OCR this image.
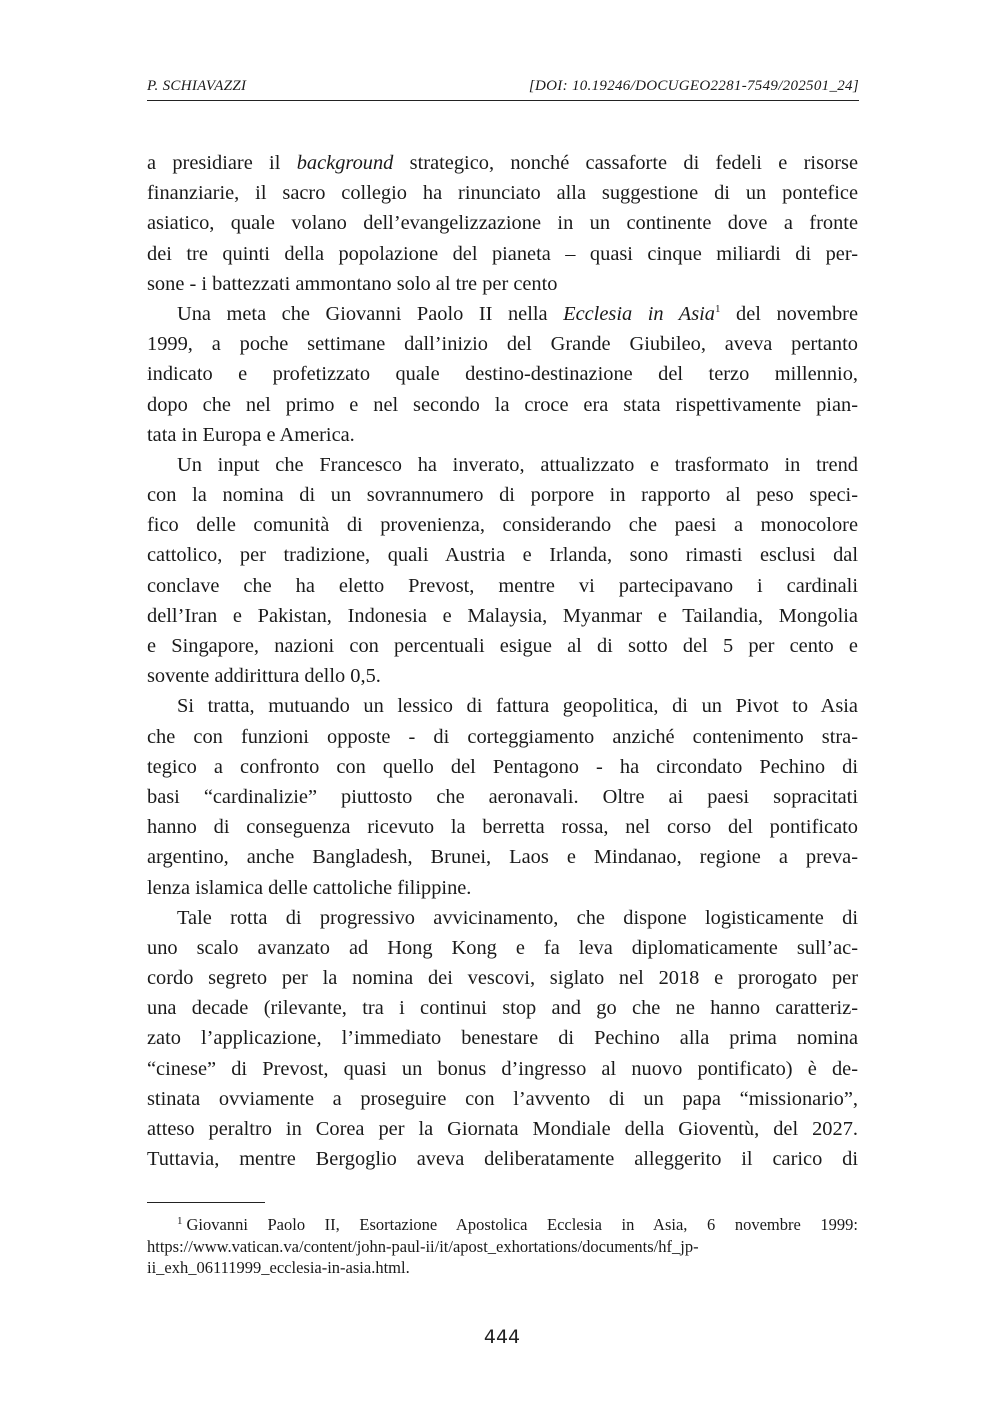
P. SCHIAVAZZI	[DOI: 10.19246/DOCUGEO2281-7549/202501_24]
a presidiare il background strategico, nonché cassaforte di fedeli e risorse
finanziarie, il sacro collegio ha rinunciato alla suggestione di un pontefice
asiatico, quale volano dell’evangelizzazione in un continente dove a fronte
dei tre quinti della popolazione del pianeta – quasi cinque miliardi di per-
sone - i battezzati ammontano solo al tre per cento
Una meta che Giovanni Paolo II nella Ecclesia in Asia$^1$ del novembre
1999, a poche settimane dall’inizio del Grande Giubileo, aveva pertanto
indicato e profetizzato quale destino-destinazione del terzo millennio,
dopo che nel primo e nel secondo la croce era stata rispettivamente pian-
tata in Europa e America.
Un input che Francesco ha inverato, attualizzato e trasformato in trend
con la nomina di un sovrannumero di porpore in rapporto al peso speci-
fico delle comunità di provenienza, considerando che paesi a monocolore
cattolico, per tradizione, quali Austria e Irlanda, sono rimasti esclusi dal
conclave che ha eletto Prevost, mentre vi partecipavano i cardinali
dell’Iran e Pakistan, Indonesia e Malaysia, Myanmar e Tailandia, Mongolia
e Singapore, nazioni con percentuali esigue al di sotto del 5 per cento e
sovente addirittura dello 0,5.
Si tratta, mutuando un lessico di fattura geopolitica, di un Pivot to Asia
che con funzioni opposte - di corteggiamento anziché contenimento stra-
tegico a confronto con quello del Pentagono - ha circondato Pechino di
basi “cardinalizie” piuttosto che aeronavali. Oltre ai paesi sopracitati
hanno di conseguenza ricevuto la berretta rossa, nel corso del pontificato
argentino, anche Bangladesh, Brunei, Laos e Mindanao, regione a preva-
lenza islamica delle cattoliche filippine.
Tale rotta di progressivo avvicinamento, che dispone logisticamente di
uno scalo avanzato ad Hong Kong e fa leva diplomaticamente sull’ac-
cordo segreto per la nomina dei vescovi, siglato nel 2018 e prorogato per
una decade (rilevante, tra i continui stop and go che ne hanno caratteriz-
zato l’applicazione, l’immediato benestare di Pechino alla prima nomina
“cinese” di Prevost, quasi un bonus d’ingresso al nuovo pontificato) è de-
stinata ovviamente a proseguire con l’avvento di un papa “missionario”,
atteso peraltro in Corea per la Giornata Mondiale della Gioventù, del 2027.
Tuttavia, mentre Bergoglio aveva deliberatamente alleggerito il carico di
$^1$ Giovanni Paolo II, Esortazione Apostolica Ecclesia in Asia, 6 novembre 1999:
https://www.vatican.va/content/john-paul-ii/it/apost_exhortations/documents/hf_jp-
ii_exh_06111999_ecclesia-in-asia.html.
444
